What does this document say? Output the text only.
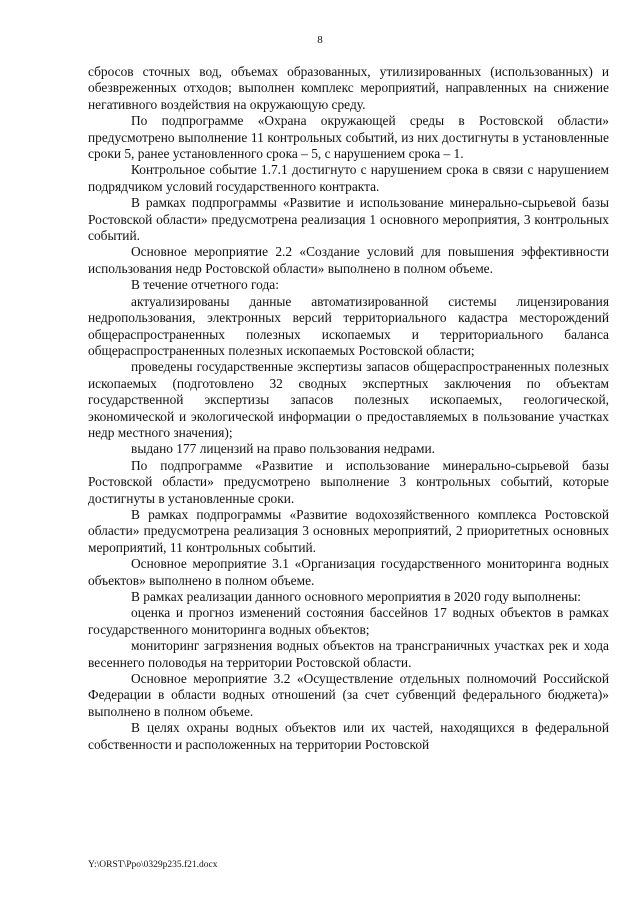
8

сбросов сточных вод, объемах образованных, утилизированных (использованных) и обезвреженных отходов; выполнен комплекс мероприятий, направленных на снижение негативного воздействия на окружающую среду.

По подпрограмме «Охрана окружающей среды в Ростовской области» предусмотрено выполнение 11 контрольных событий, из них достигнуты в установленные сроки 5, ранее установленного срока – 5, с нарушением срока – 1.

Контрольное событие 1.7.1 достигнуто с нарушением срока в связи с нарушением подрядчиком условий государственного контракта.

В рамках подпрограммы «Развитие и использование минерально-сырьевой базы Ростовской области» предусмотрена реализация 1 основного мероприятия, 3 контрольных событий.

Основное мероприятие 2.2 «Создание условий для повышения эффективности использования недр Ростовской области» выполнено в полном объеме.

В течение отчетного года:

актуализированы данные автоматизированной системы лицензирования недропользования, электронных версий территориального кадастра месторождений общераспространенных полезных ископаемых и территориального баланса общераспространенных полезных ископаемых Ростовской области;

проведены государственные экспертизы запасов общераспространенных полезных ископаемых (подготовлено 32 сводных экспертных заключения по объектам государственной экспертизы запасов полезных ископаемых, геологической, экономической и экологической информации о предоставляемых в пользование участках недр местного значения);

выдано 177 лицензий на право пользования недрами.

По подпрограмме «Развитие и использование минерально-сырьевой базы Ростовской области» предусмотрено выполнение 3 контрольных событий, которые достигнуты в установленные сроки.

В рамках подпрограммы «Развитие водохозяйственного комплекса Ростовской области» предусмотрена реализация 3 основных мероприятий, 2 приоритетных основных мероприятий, 11 контрольных событий.

Основное мероприятие 3.1 «Организация государственного мониторинга водных объектов» выполнено в полном объеме.

В рамках реализации данного основного мероприятия в 2020 году выполнены:

оценка и прогноз изменений состояния бассейнов 17 водных объектов в рамках государственного мониторинга водных объектов;

мониторинг загрязнения водных объектов на трансграничных участках рек и хода весеннего половодья на территории Ростовской области.

Основное мероприятие 3.2 «Осуществление отдельных полномочий Российской Федерации в области водных отношений (за счет субвенций федерального бюджета)» выполнено в полном объеме.

В целях охраны водных объектов или их частей, находящихся в федеральной собственности и расположенных на территории Ростовской

Y:\ORST\Ppo\0329p235.f21.docx
